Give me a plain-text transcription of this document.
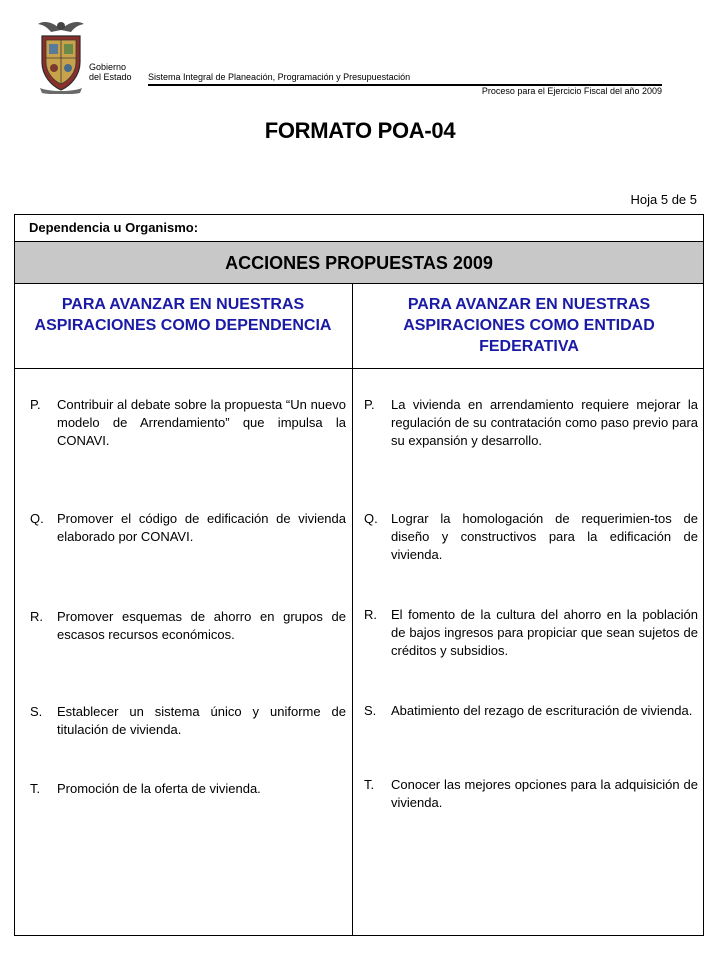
Gobierno
del Estado Sistema Integral de Planeación, Programación y Presupuestación
Proceso para el Ejercicio Fiscal del año 2009
FORMATO POA-04
Hoja 5 de 5
Dependencia u Organismo:
ACCIONES PROPUESTAS 2009
PARA AVANZAR EN NUESTRAS ASPIRACIONES COMO DEPENDENCIA
PARA AVANZAR EN NUESTRAS ASPIRACIONES COMO ENTIDAD FEDERATIVA
P. Contribuir al debate sobre la propuesta “Un nuevo modelo de Arrendamiento” que impulsa la CONAVI.
Q. Promover el código de edificación de vivienda elaborado por CONAVI.
R. Promover esquemas de ahorro en grupos de escasos recursos económicos.
S. Establecer un sistema único y uniforme de titulación de vivienda.
T. Promoción de la oferta de vivienda.
P. La vivienda en arrendamiento requiere mejorar la regulación de su contratación como paso previo para su expansión y desarrollo.
Q. Lograr la homologación de requerimien-tos de diseño y constructivos para la edificación de vivienda.
R. El fomento de la cultura del ahorro en la población de bajos ingresos para propiciar que sean sujetos de créditos y subsidios.
S. Abatimiento del rezago de escrituración de vivienda.
T. Conocer las mejores opciones para la adquisición de vivienda.
